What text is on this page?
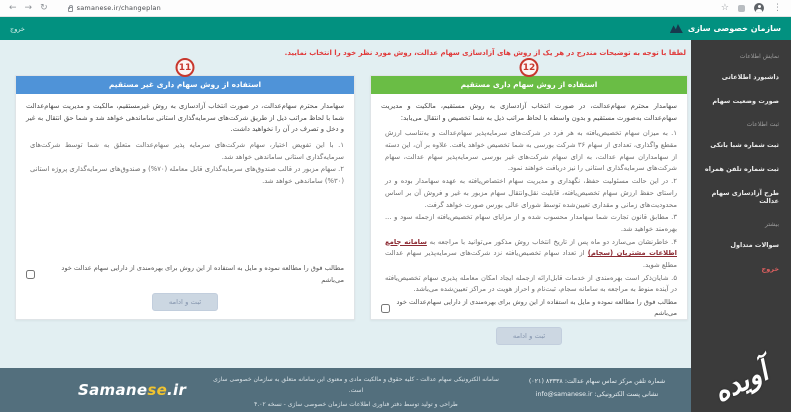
← → ↻	samanese.ir/changeplan	☆	⋮
خروج	سازمان خصوصی سازی
نمایش اطلاعات
داشبورد اطلاعاتی
صورت وضعیت سهام
ثبت اطلاعات
ثبت شماره شبا بانکی
ثبت شماره تلفن همراه
طرح آزادسازی سهام عدالت
بیشتر
سوالات متداول
خروج
لطفا با توجه به توضیحات مندرج در هر یک از روش های آزادسازی سهام عدالت، روش مورد نظر خود را انتخاب نمایید.
11
استفاده از روش سهام داری غیر مستقیم

سهامدار محترم سهام‌عدالت، در صورت انتخاب آزادسازی به روش غیرمستقیم، مالکیت و مدیریت سهام‌عدالت شما با لحاظ مراتب ذیل از طریق شرکت‌های سرمایه‌گذاری استانی ساماندهی خواهد شد و شما حق انتقال به غیر و دخل و تصرف در آن را نخواهید داشت.

۱. با این تفویض اختیار، سهام شرکت‌های سرمایه پذیر سهام‌عدالت متعلق به شما توسط شرکت‌های سرمایه‌گذاری استانی ساماندهی خواهد شد.
۲. سهام مزبور در قالب صندوق‌های سرمایه‌گذاری قابل معامله (۷۰%) و صندوق‌های سرمایه‌گذاری پروژه استانی (۳۰%) ساماندهی خواهد شد.
مطالب فوق را مطالعه نموده و مایل به استفاده از این روش برای بهره‌مندی از دارایی سهام عدالت خود می‌باشم
ثبت و ادامه
12
استفاده از روش سهام داری مستقیم

سهامدار محترم سهام‌عدالت، در صورت انتخاب آزادسازی به روش مستقیم، مالکیت و مدیریت سهام‌عدالت به‌صورت مستقیم و بدون واسطه با لحاظ مراتب ذیل به شما تخصیص و انتقال می‌یابد:

۱. به میزان سهام تخصیص‌یافته به هر فرد در شرکت‌های سرمایه‌پذیر سهام‌عدالت و به‌تناسب ارزش مقطع واگذاری، تعدادی از سهام ۳۶ شرکت بورسی به شما تخصیص خواهد یافت. علاوه بر آن، این دسته از سهامداران سهام عدالت، به ازای سهام شرکت‌های غیر بورسی سرمایه‌پذیر سهام عدالت، سهام شرکت‌های سرمایه‌گذاری استانی را نیز دریافت خواهند نمود.
۲. در این حالت مسئولیت حفظ، نگهداری و مدیریت سهام اختصاص‌یافته به عهده سهامدار بوده و در راستای حفظ ارزش سهام تخصیص‌یافته، قابلیت نقل‌وانتقال سهام مزبور به غیر و فروش آن بر اساس محدودیت‌های زمانی و مقداری تعیین‌شده توسط شورای عالی بورس صورت خواهد گرفت.
۳. مطابق قانون تجارت شما سهامدار محسوب شده و از مزایای سهام تخصیص‌یافته ازجمله سود و ... بهره‌مند خواهید شد.
۴. خاطرنشان می‌سازد دو ماه پس از تاریخ انتخاب روش مذکور می‌توانید با مراجعه به سامانه جامع اطلاعات مشتریان (سجام) از تعداد سهام تخصیص‌یافته نزد شرکت‌های سرمایه‌پذیر سهام عدالت مطلع شوید.
۵. شایان‌ذکر است بهره‌مندی از خدمات قابل‌ارائه ازجمله ایجاد امکان معامله پذیری سهام تخصیص‌یافته در آینده منوط به مراجعه به سامانه سجام، ثبت‌نام و احراز هویت در مراکز تعیین‌شده می‌باشد.
مطالب فوق را مطالعه نموده و مایل به استفاده از این روش برای بهره‌مندی از دارایی سهام‌عدالت خود می‌باشم
ثبت و ادامه
شماره تلفن مرکز تماس سهام عدالت: ۸۳۳۳۸ (۰۲۱)
نشانی پست الکترونیکی: info@samanese.ir
سامانه الکترونیکی سهام عدالت - کلیه حقوق و مالکیت مادی و معنوی این سامانه متعلق به سازمان خصوصی سازی است.
طراحی و تولید توسط دفتر فناوری اطلاعات سازمان خصوصی سازی - نسخه ۴.۰۲
Samanese.ir	آویده
